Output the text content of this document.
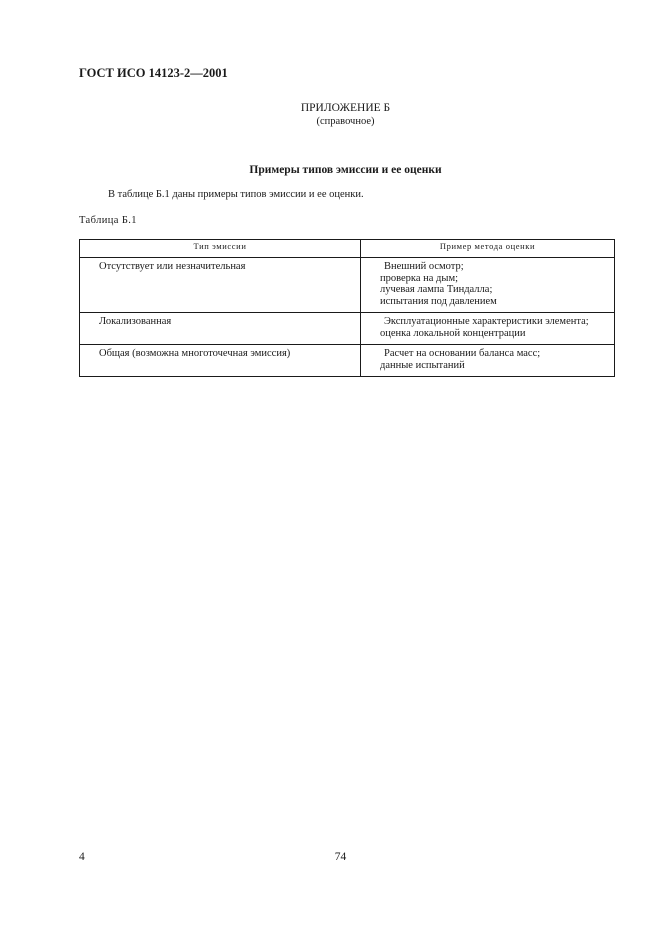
ГОСТ ИСО 14123-2—2001
ПРИЛОЖЕНИЕ Б
(справочное)
Примеры типов эмиссии и ее оценки
В таблице Б.1 даны примеры типов эмиссии и ее оценки.
Таблица Б.1
Тип эмиссии	Пример метода оценки
Отсутствует или незначительная	Внешний осмотр;
проверка на дым;
лучевая лампа Тиндалла;
испытания под давлением

Локализованная	Эксплуатационные характеристики элемента;
оценка локальной концентрации

Общая (возможна многоточечная эмиссия)	Расчет на основании баланса масс;
данные испытаний
4	74
